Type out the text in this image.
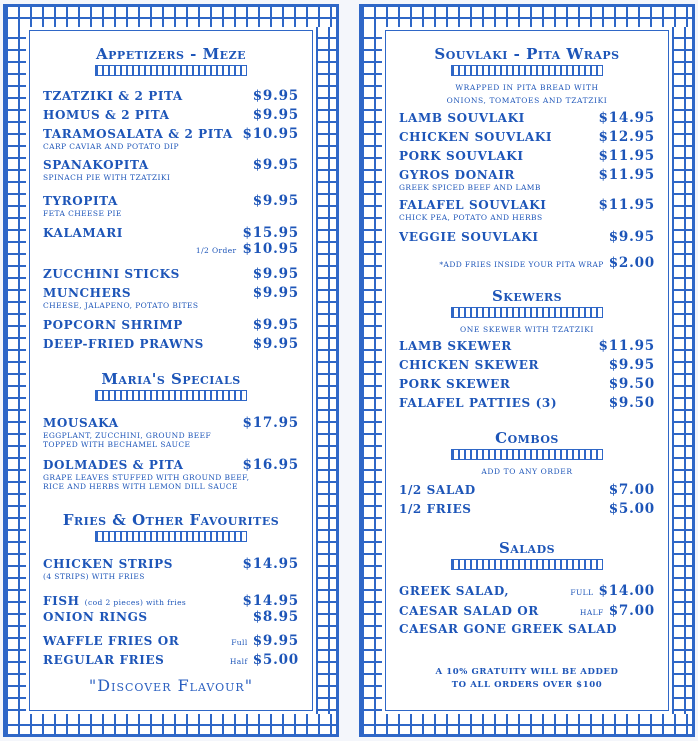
Appetizers - Meze
TZATZIKI & 2 PITA	$9.95
HOMUS & 2 PITA	$9.95
TARAMOSALATA & 2 PITA $10.95
CARP CAVIAR AND POTATO DIP
SPANAKOPITA	$9.95
SPINACH PIE WITH TZATZIKI
TYROPITA	$9.95
FETA CHEESE PIE
KALAMARI	$15.95
1/2 Order $10.95
ZUCCHINI STICKS	$9.95
MUNCHERS	$9.95
CHEESE, JALAPENO, POTATO BITES
POPCORN SHRIMP	$9.95
DEEP-FRIED PRAWNS	$9.95
Maria's Specials
MOUSAKA	$17.95
EGGPLANT, ZUCCHINI, GROUND BEEF TOPPED WITH BECHAMEL SAUCE
DOLMADES & PITA	$16.95
GRAPE LEAVES STUFFED WITH GROUND BEEF, RICE AND HERBS WITH LEMON DILL SAUCE
Fries & Other Favourites
CHICKEN STRIPS	$14.95
(4 STRIPS) WITH FRIES
FISH (cod 2 pieces) with fries	$14.95
ONION RINGS	$8.95
WAFFLE FRIES OR	Full $9.95
REGULAR FRIES	Half $5.00
"Discover Flavour"
Souvlaki - Pita Wraps
WRAPPED IN PITA BREAD WITH
ONIONS, TOMATOES AND TZATZIKI
LAMB SOUVLAKI	$14.95
CHICKEN SOUVLAKI	$12.95
PORK SOUVLAKI	$11.95
GYROS DONAIR	$11.95
GREEK SPICED BEEF AND LAMB
FALAFEL SOUVLAKI	$11.95
CHICK PEA, POTATO AND HERBS
VEGGIE SOUVLAKI	$9.95
*ADD FRIES INSIDE YOUR PITA WRAP $2.00
Skewers
ONE SKEWER WITH TZATZIKI
LAMB SKEWER	$11.95
CHICKEN SKEWER	$9.95
PORK SKEWER	$9.50
FALAFEL PATTIES (3)	$9.50
Combos
ADD TO ANY ORDER
1/2 SALAD	$7.00
1/2 FRIES	$5.00
Salads
GREEK SALAD,	FULL $14.00
CAESAR SALAD OR	HALF $7.00
CAESAR GONE GREEK SALAD
A 10% GRATUITY WILL BE ADDED
TO ALL ORDERS OVER $100
